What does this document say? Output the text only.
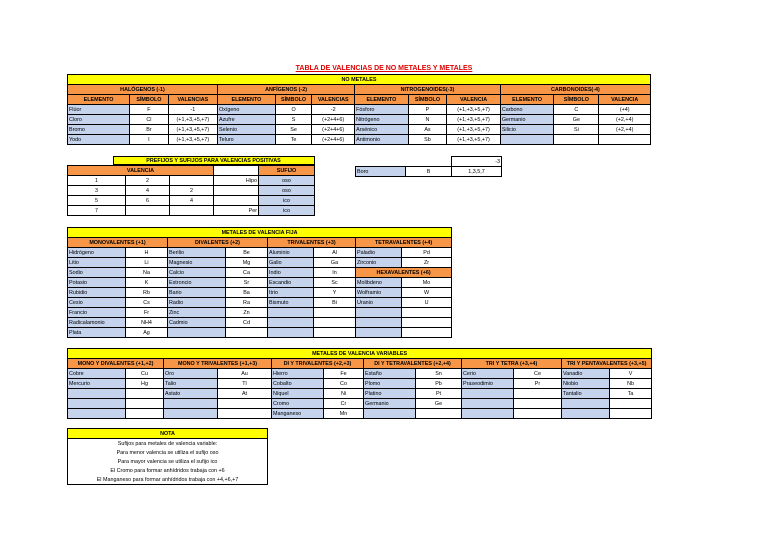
TABLA DE VALENCIAS DE NO METALES Y METALES
NO METALES											
HALÓGENOS (-1)			ANFÍGENOS (-2)			NITROGENOIDES(-3)			CARBONOIDES(-4)		
ELEMENTO	SÍMBOLO	VALENCIAS	ELEMENTO	SÍMBOLO	VALENCIAS	ELEMENTO	SÍMBOLO	VALENCIA	ELEMENTO	SÍMBOLO	VALENCIA
Flúor	F	-1	Oxígeno	O	-2	Fósforo	P	(+1,+3,+5,+7)	Carbono	C	(+4)
Cloro	Cl	(+1,+3,+5,+7)	Azufre	S	(+2+4+6)	Nitrógeno	N	(+1,+3,+5,+7)	Germanio	Ge	(+2,+4)
Bromo	Br	(+1,+3,+5,+7)	Selenio	Se	(+2+4+6)	Arsénico	As	(+1,+3,+5,+7)	Silicio	Si	(+2,+4)
Yodo	I	(+1,+3,+5,+7)	Teluro	Te	(+2+4+6)	Antimonio	Sb	(+1,+3,+5,+7)			
PREFIJOS Y SUFIJOS PARA VALENCIAS POSITIVAS				

VALENCIA				SUFIJO
1	2		Hipo	oso
3	4	2		oso
5	6	4		ico
7			Per	ico
		-3
Boro	B	1,3,5,7
METALES DE VALENCIA FIJA							
MONOVALENTES (+1)		DIVALENTES (+2)		TRIVALENTES (+3)		TETRAVALENTES (+4)	
Hidrógeno	H	Berilio	Be	Aluminio	Al	Paladio	Pd
Litio	Li	Magnesio	Mg	Galio	Ga	Zirconio	Zr
Sodio	Na	Calcio	Ca	Indio	In	HEXAVALENTES (+6)	
Potasio	K	Estroncio	Sr	Escandio	Sc	Molibdeno	Mo
Rubidio	Rb	Bario	Ba	Itrio	Y	Wolframio	W
Cesio	Cs	Radio	Ra	Bismuto	Bi	Uranio	U
Francio	Fr	Zinc	Zn				
Radicalamonio	NH4	Cadmio	Cd				
Plata	Ag						
METALES DE VALENCIA VARIABLES											
MONO Y DIVALENTES (+1,+2)		MONO Y TRIVALENTES (+1,+3)		DI Y TRIVALENTES (+2,+3)		DI Y TETRAVALENTES (+2,+4)		TRI Y TETRA (+3,+4)		TRI Y PENTAVALENTES (+3,+5)	
Cobre	Cu	Oro	Au	Hierro	Fe	Estaño	Sn	Cerio	Ce	Vanadio	V
Mercurio	Hg	Talio	Tl	Cobalto	Co	Plomo	Pb	Praseodimio	Pr	Niobio	Nb
		Astato	At	Níquel	Ni	Platino	Pt			Tantalio	Ta
				Cromo	Cr	Germanio	Ge				
				Manganeso	Mn						
NOTA
Sufijos para metales de valencia variable:
Para menor valencia se utiliza el sufijo oso
Para mayor valencia se utiliza el sufijo ico
El Cromo para formar anhídridos trabaja con +6
El Manganeso para formar anhídridos trabaja con +4,+6,+7
